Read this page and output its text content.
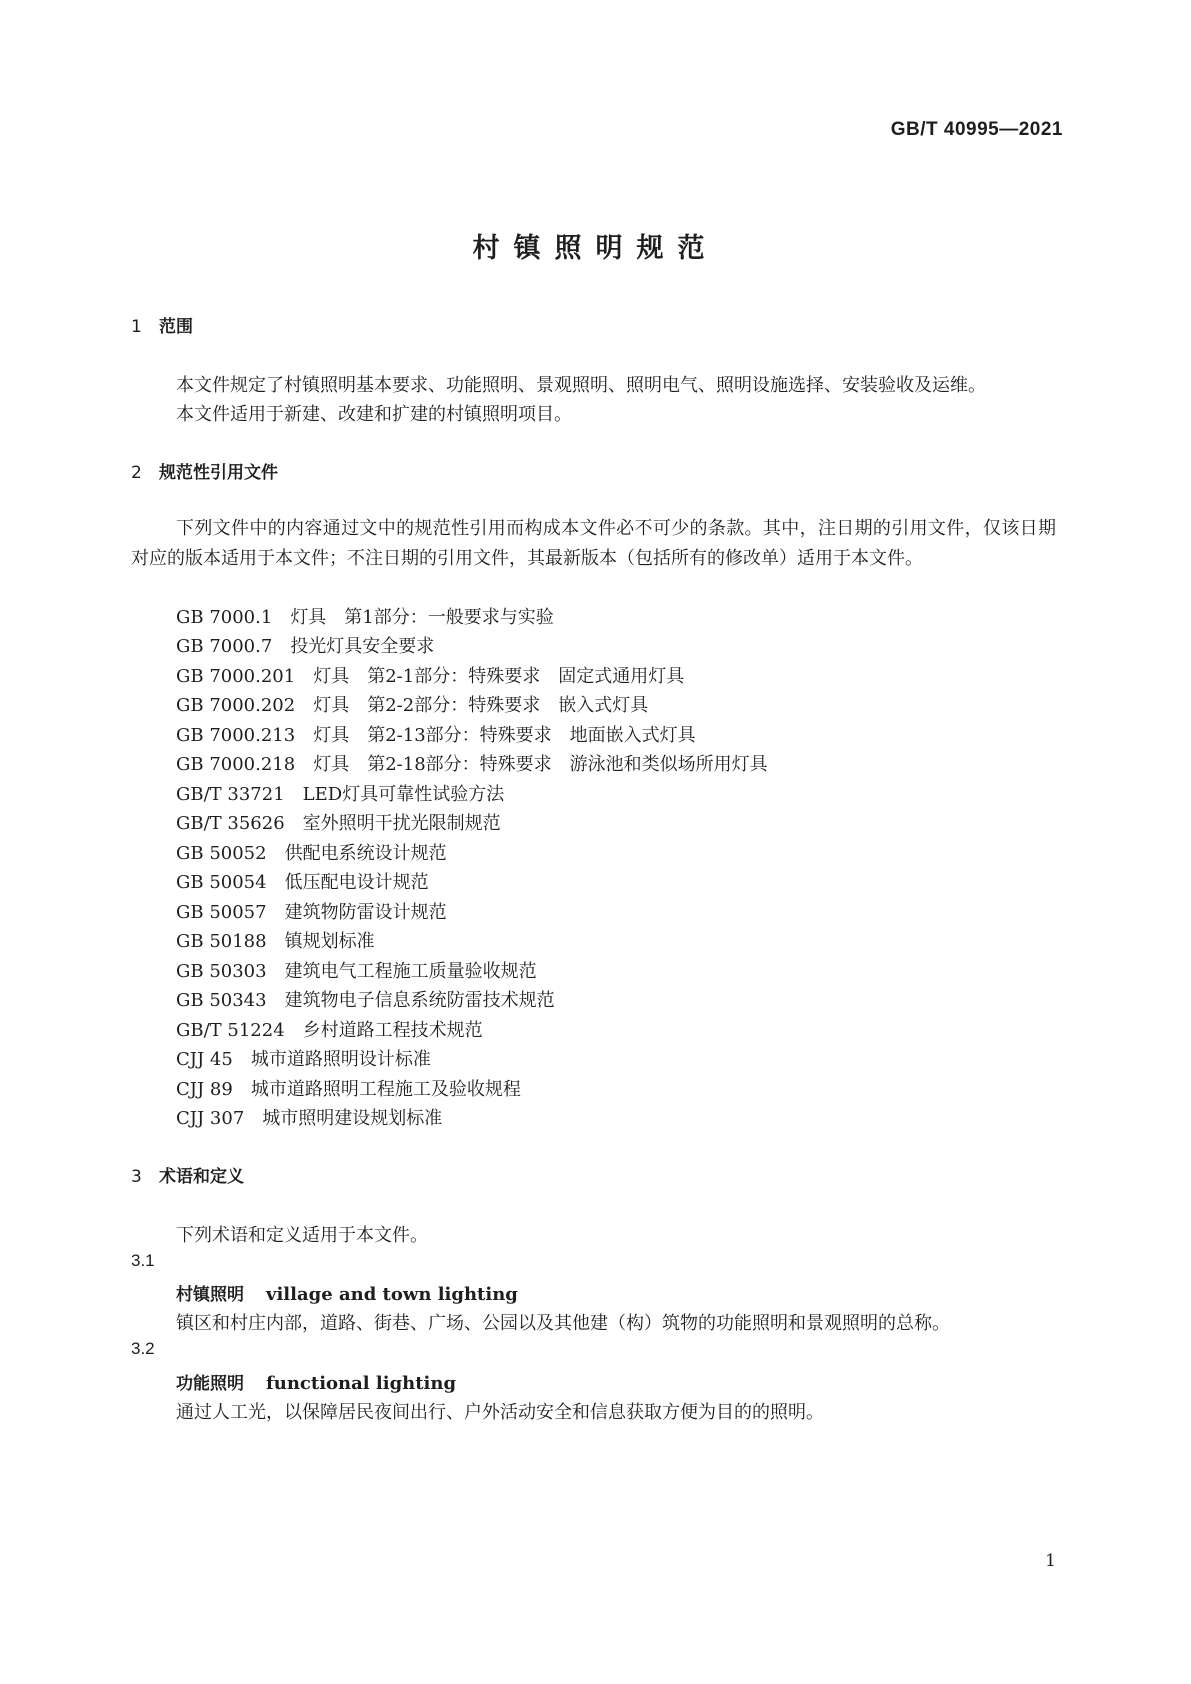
GB/T 40995—2021
村镇照明规范
1 范围
本文件规定了村镇照明基本要求、功能照明、景观照明、照明电气、照明设施选择、安装验收及运维。
本文件适用于新建、改建和扩建的村镇照明项目。
2 规范性引用文件
下列文件中的内容通过文中的规范性引用而构成本文件必不可少的条款。其中，注日期的引用文件，仅该日期对应的版本适用于本文件；不注日期的引用文件，其最新版本（包括所有的修改单）适用于本文件。
GB 7000.1　 灯具　第1部分：一般要求与实验
GB 7000.7　 投光灯具安全要求
GB 7000.201　 灯具　第2-1部分：特殊要求　固定式通用灯具
GB 7000.202　 灯具　第2-2部分：特殊要求　嵌入式灯具
GB 7000.213　 灯具　第2-13部分：特殊要求　地面嵌入式灯具
GB 7000.218　 灯具　第2-18部分：特殊要求　游泳池和类似场所用灯具
GB/T 33721　 LED灯具可靠性试验方法
GB/T 35626　 室外照明干扰光限制规范
GB 50052　 供配电系统设计规范
GB 50054　 低压配电设计规范
GB 50057　 建筑物防雷设计规范
GB 50188　 镇规划标准
GB 50303　 建筑电气工程施工质量验收规范
GB 50343　 建筑物电子信息系统防雷技术规范
GB/T 51224　 乡村道路工程技术规范
CJJ 45　 城市道路照明设计标准
CJJ 89　 城市道路照明工程施工及验收规程
CJJ 307　 城市照明建设规划标准
3 术语和定义
下列术语和定义适用于本文件。
3.1
村镇照明 village and town lighting
镇区和村庄内部，道路、街巷、广场、公园以及其他建（构）筑物的功能照明和景观照明的总称。
3.2
功能照明 functional lighting
通过人工光，以保障居民夜间出行、户外活动安全和信息获取方便为目的的照明。
1
